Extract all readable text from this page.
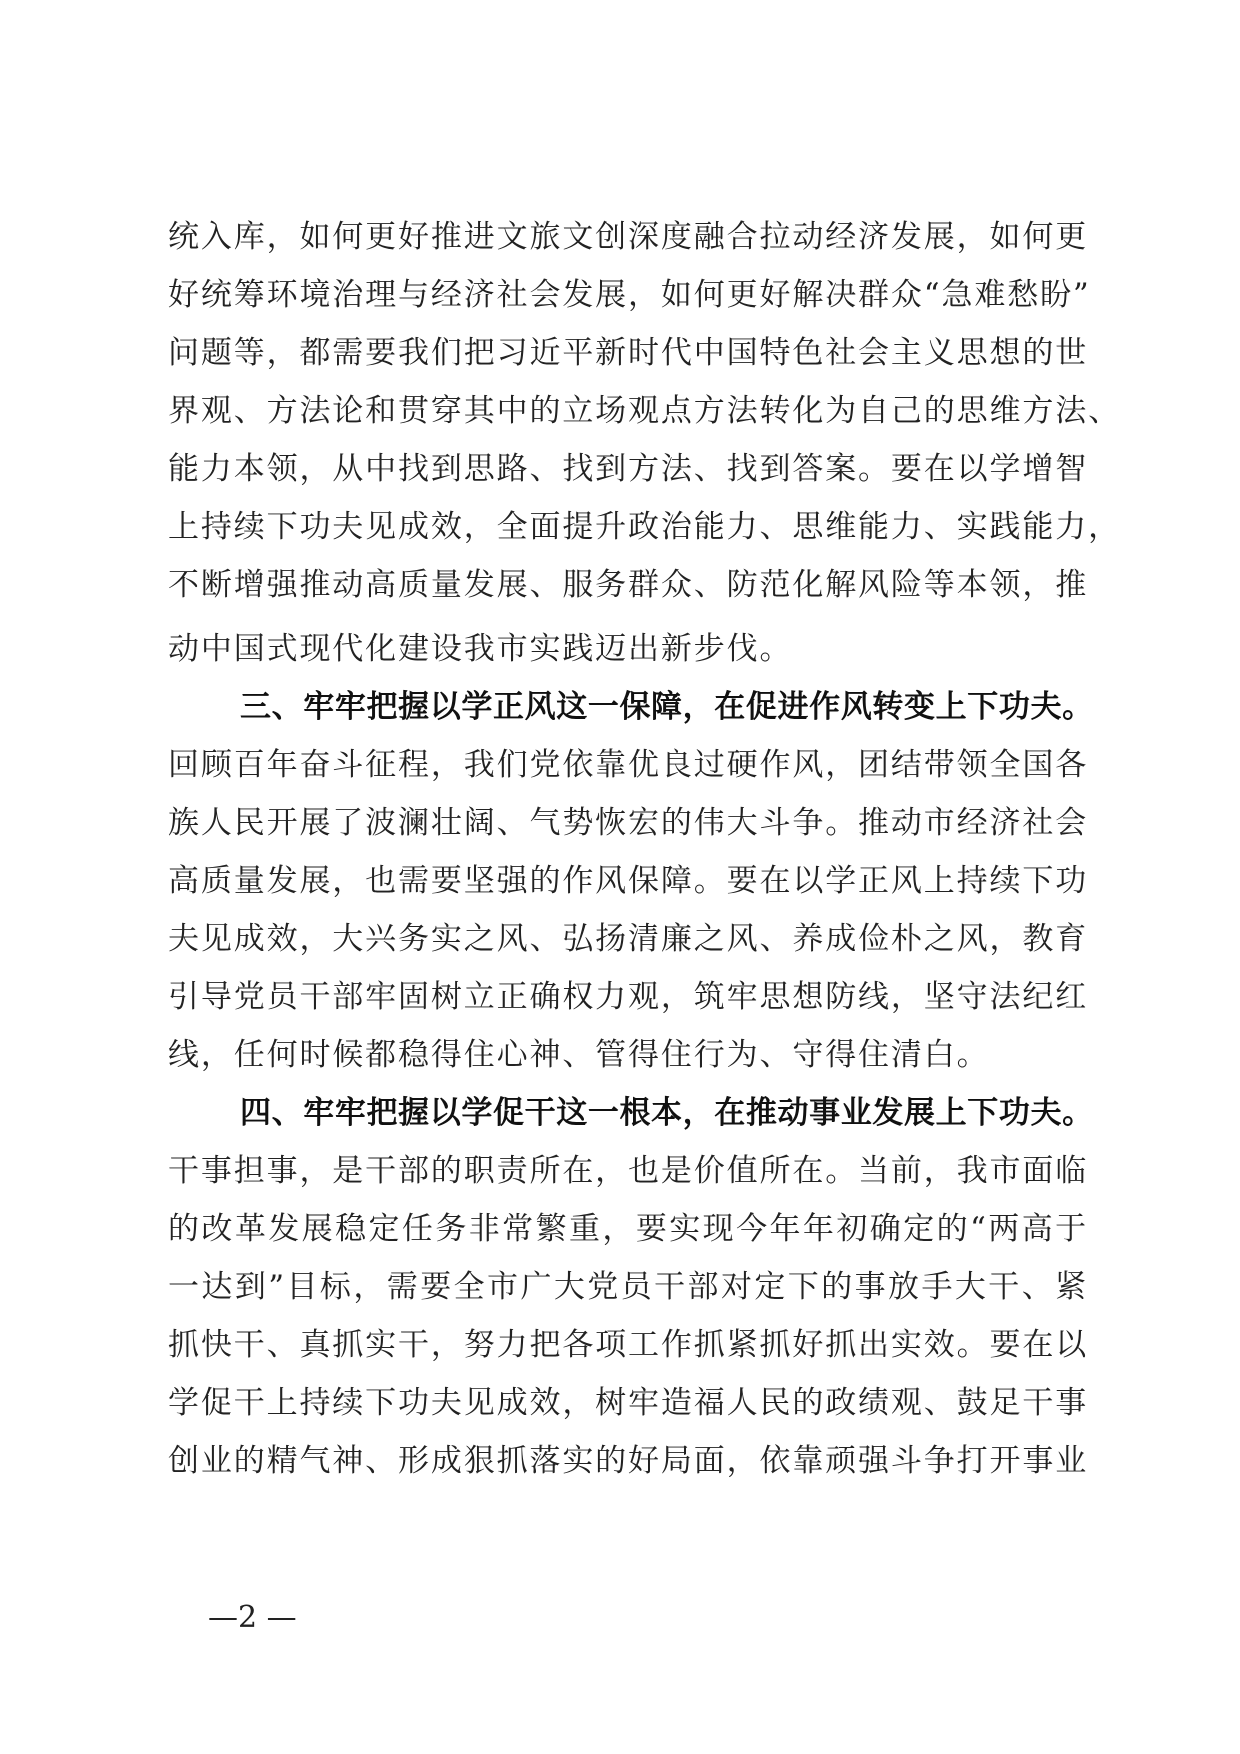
统入库，如何更好推进文旅文创深度融合拉动经济发展，如何更
好统筹环境治理与经济社会发展，如何更好解决群众“急难愁盼”
问题等，都需要我们把习近平新时代中国特色社会主义思想的世
界观、方法论和贯穿其中的立场观点方法转化为自己的思维方法、
能力本领，从中找到思路、找到方法、找到答案。要在以学增智
上持续下功夫见成效，全面提升政治能力、思维能力、实践能力，
不断增强推动高质量发展、服务群众、防范化解风险等本领，推
动中国式现代化建设我市实践迈出新步伐。
三、牢牢把握以学正风这一保障，在促进作风转变上下功夫。
回顾百年奋斗征程，我们党依靠优良过硬作风，团结带领全国各
族人民开展了波澜壮阔、气势恢宏的伟大斗争。推动市经济社会
高质量发展，也需要坚强的作风保障。要在以学正风上持续下功
夫见成效，大兴务实之风、弘扬清廉之风、养成俭朴之风，教育
引导党员干部牢固树立正确权力观，筑牢思想防线，坚守法纪红
线，任何时候都稳得住心神、管得住行为、守得住清白。
四、牢牢把握以学促干这一根本，在推动事业发展上下功夫。
干事担事，是干部的职责所在，也是价值所在。当前，我市面临
的改革发展稳定任务非常繁重，要实现今年年初确定的“两高于
一达到”目标，需要全市广大党员干部对定下的事放手大干、紧
抓快干、真抓实干，努力把各项工作抓紧抓好抓出实效。要在以
学促干上持续下功夫见成效，树牢造福人民的政绩观、鼓足干事
创业的精气神、形成狠抓落实的好局面，依靠顽强斗争打开事业
—2 —
